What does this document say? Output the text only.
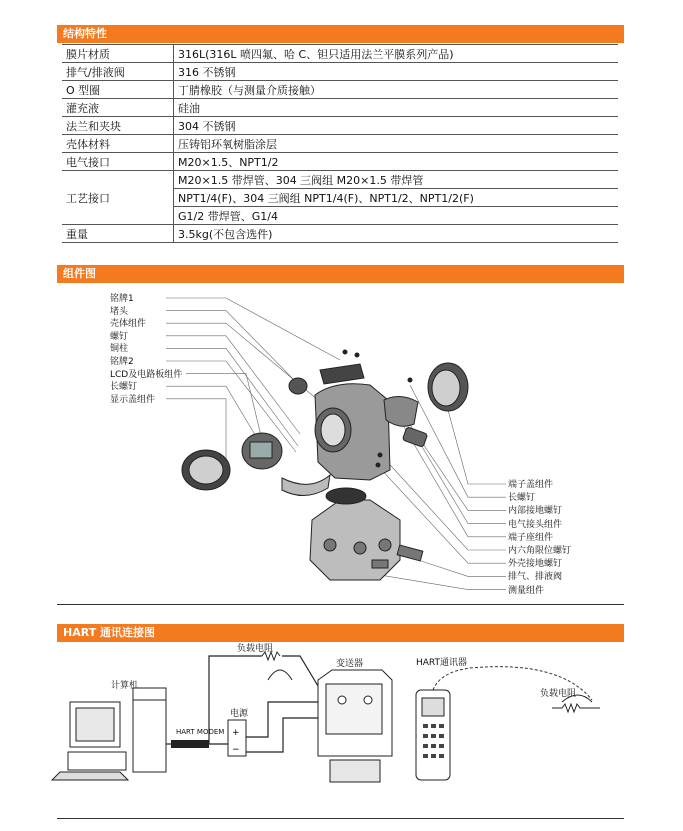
结构特性
膜片材质	316L(316L 喷四氟、哈 C、钽只适用法兰平膜系列产品)
排气/排液阀	316 不锈钢
O 型圈	丁腈橡胶（与测量介质接触）
灌充液	硅油
法兰和夹块	304 不锈钢
壳体材料	压铸铝环氧树脂涂层
电气接口	M20×1.5、NPT1/2
工艺接口	M20×1.5 带焊管、304 三阀组 M20×1.5 带焊管
	NPT1/4(F)、304 三阀组 NPT1/4(F)、NPT1/2、NPT1/2(F)
	G1/2 带焊管、G1/4
重量	3.5kg(不包含选件)
组件图
铭牌1
堵头
壳体组件
螺钉
铜柱
铭牌2
LCD及电路板组件
长螺钉
显示盖组件
端子盖组件
长螺钉
内部接地螺钉
电气接头组件
端子座组件
内六角限位螺钉
外壳接地螺钉
排气、排液阀
测量组件
HART 通讯连接图
+
−
计算机
HART MODEM
负载电阻
电源
变送器	HART通讯器
负载电阻
